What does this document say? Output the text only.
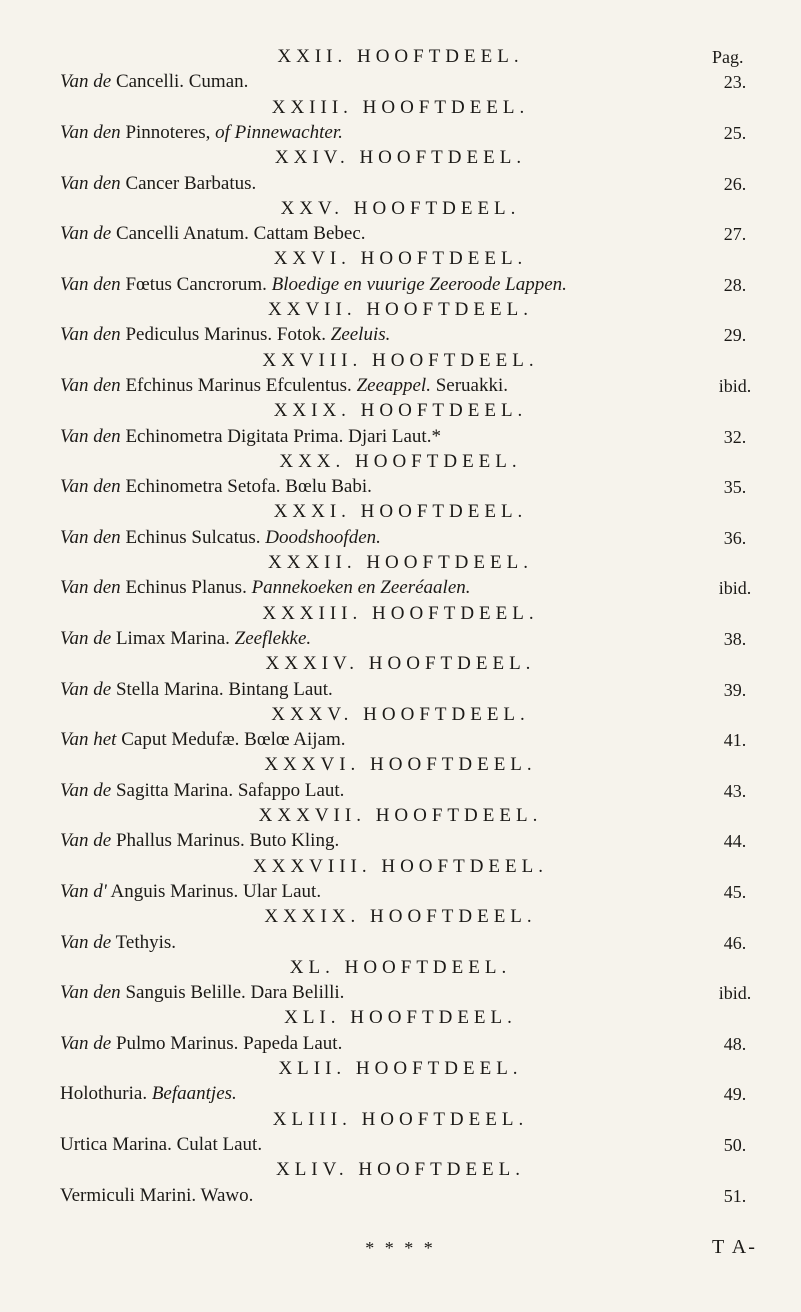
Pag.
XXII. HOOFTDEEL.
Van de Cancelli. Cuman.	23.
XXIII. HOOFTDEEL.
Van den Pinnoteres, of Pinnewachter.	25.
XXIV. HOOFTDEEL.
Van den Cancer Barbatus.	26.
XXV. HOOFTDEEL.
Van de Cancelli Anatum. Cattam Bebec.	27.
XXVI. HOOFTDEEL.
Van den Fœtus Cancrorum. Bloedige en vuurige Zeeroode Lappen.	28.
XXVII. HOOFTDEEL.
Van den Pediculus Marinus. Fotok. Zeeluis.	29.
XXVIII. HOOFTDEEL.
Van den Efchinus Marinus Efculentus. Zeeappel. Seruakki.	ibid.
XXIX. HOOFTDEEL.
Van den Echinometra Digitata Prima. Djari Laut.*	32.
XXX. HOOFTDEEL.
Van den Echinometra Setofa. Bœlu Babi.	35.
XXXI. HOOFTDEEL.
Van den Echinus Sulcatus. Doodshoofden.	36.
XXXII. HOOFTDEEL.
Van den Echinus Planus. Pannekoeken en Zeeréaalen.	ibid.
XXXIII. HOOFTDEEL.
Van de Limax Marina. Zeeflekke.	38.
XXXIV. HOOFTDEEL.
Van de Stella Marina. Bintang Laut.	39.
XXXV. HOOFTDEEL.
Van het Caput Medufæ. Bœlœ Aijam.	41.
XXXVI. HOOFTDEEL.
Van de Sagitta Marina. Safappo Laut.	43.
XXXVII. HOOFTDEEL.
Van de Phallus Marinus. Buto Kling.	44.
XXXVIII. HOOFTDEEL.
Van d' Anguis Marinus. Ular Laut.	45.
XXXIX. HOOFTDEEL.
Van de Tethyis.	46.
XL. HOOFTDEEL.
Van den Sanguis Belille. Dara Belilli.	ibid.
XLI. HOOFTDEEL.
Van de Pulmo Marinus. Papeda Laut.	48.
XLII. HOOFTDEEL.
Holothuria. Befaantjes.	49.
XLIII. HOOFTDEEL.
Urtica Marina. Culat Laut.	50.
XLIV. HOOFTDEEL.
Vermiculi Marini. Wawo.	51.
* * * *	T A-
